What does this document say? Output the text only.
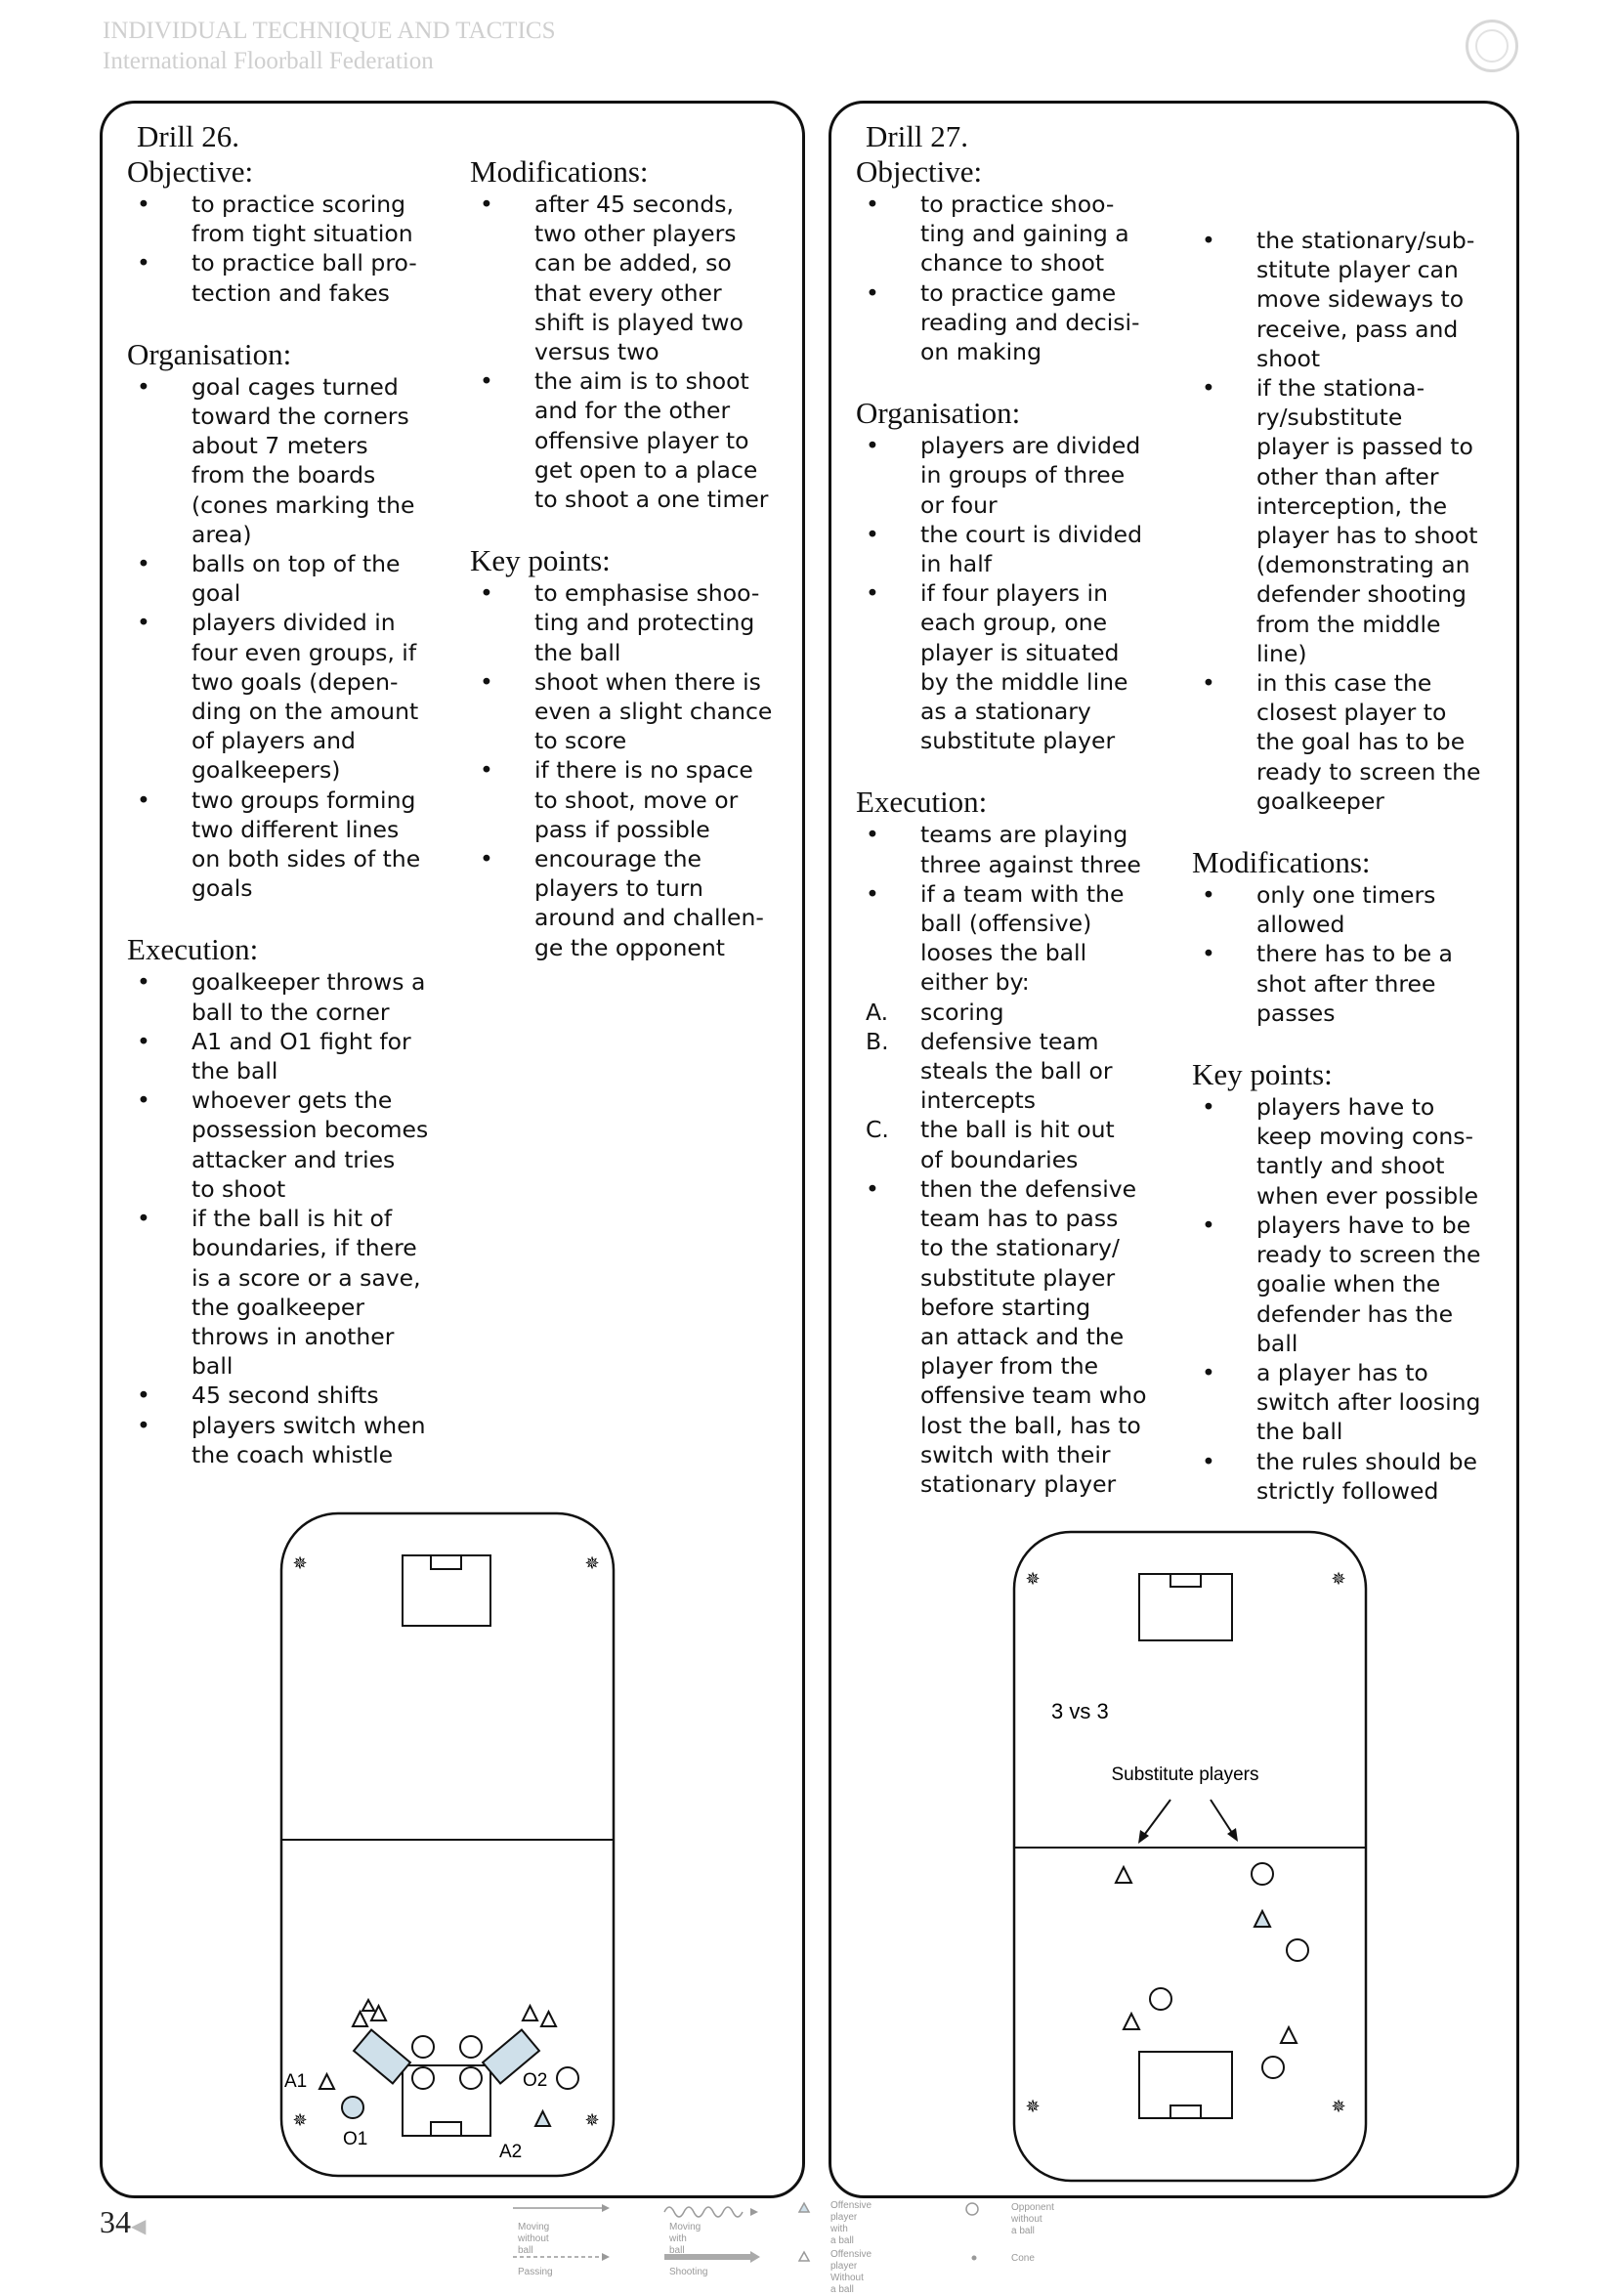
INDIVIDUAL TECHNIQUE AND TACTICS
International Floorball Federation
Drill 26.
Objective:
•	to practice scoring
from tight situation
•	to practice ball pro-
tection and fakes
Organisation:
•	goal cages turned
toward the corners
about 7 meters
from the boards
(cones marking the
area)
•	balls on top of the
goal
•	players divided in
four even groups, if
two goals (depen-
ding on the amount
of players and
goalkeepers)
•	two groups forming
two different lines
on both sides of the
goals
Execution:
•	goalkeeper throws a
ball to the corner
•	A1 and O1 fight for
the ball
•	whoever gets the
possession becomes
attacker and tries
to shoot
•	if the ball is hit of
boundaries, if there
is a score or a save,
the goalkeeper
throws in another
ball
•	45 second shifts
•	players switch when
the coach whistle
Modifications:
•	after 45 seconds,
two other players
can be added, so
that every other
shift is played two
versus two
•	the aim is to shoot
and for the other
offensive player to
get open to a place
to shoot a one timer
Key points:
•	to emphasise shoo-
ting and protecting
the ball
•	shoot when there is
even a slight chance
to score
•	if there is no space
to shoot, move or
pass if possible
•	encourage the
players to turn
around and challen-
ge the opponent
✵	✵
✵	✵
A1
O1
O2
A2
Drill 27.
Objective:
•	to practice shoo-
ting and gaining a
chance to shoot
•	to practice game
reading and decisi-
on making
Organisation:
•	players are divided
in groups of three
or four
•	the court is divided
in half
•	if four players in
each group, one
player is situated
by the middle line
as a stationary
substitute player
Execution:
•	teams are playing
three against three
•	if a team with the
ball (offensive)
looses the ball
either by:
A.	scoring
B.	defensive team
steals the ball or
intercepts
C.	the ball is hit out
of boundaries
•	then the defensive
team has to pass
to the stationary/
substitute player
before starting
an attack and the
player from the
offensive team who
lost the ball, has to
switch with their
stationary player
•	the stationary/sub-
stitute player can
move sideways to
receive, pass and
shoot
•	if the stationa-
ry/substitute
player is passed to
other than after
interception, the
player has to shoot
(demonstrating an
defender shooting
from the middle
line)
•	in this case the
closest player to
the goal has to be
ready to screen the
goalkeeper
Modifications:
•	only one timers
allowed
•	there has to be a
shot after three
passes
Key points:
•	players have to
keep moving cons-
tantly and shoot
when ever possible
•	players have to be
ready to screen the
goalie when the
defender has the
ball
•	a player has to
switch after loosing
the ball
•	the rules should be
strictly followed
✵	✵
✵	✵
3 vs 3
Substitute players
34◀	Moving without ball
Moving with ball
Passing	Shooting
Offensive player with
a ball
Offensive player
Without a ball
Opponent without
a ball
Cone
